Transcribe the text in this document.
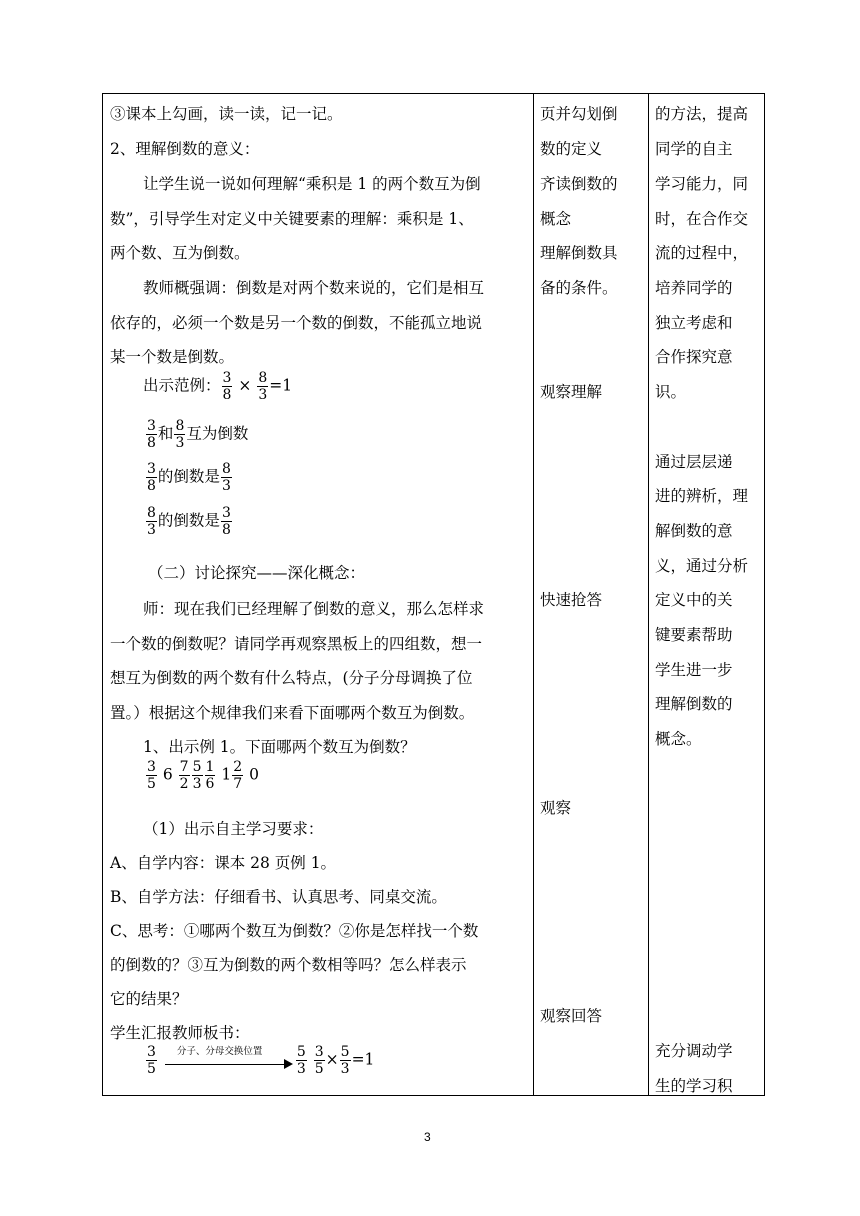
③课本上勾画，读一读，记一记。
2、理解倒数的意义：
让学生说一说如何理解“乘积是 1 的两个数互为倒
数”，引导学生对定义中关键要素的理解：乘积是 1、
两个数、互为倒数。
教师概强调：倒数是对两个数来说的，它们是相互
依存的，必须一个数是另一个数的倒数，不能孤立地说
某一个数是倒数。
出示范例： $\frac{3}{8} \times \frac{8}{3} =1$
$\frac{3}{8}$ 和 $\frac{8}{3}$ 互为倒数
$\frac{3}{8}$ 的倒数是 $\frac{8}{3}$
$\frac{8}{3}$ 的倒数是 $\frac{3}{8}$
（二）讨论探究——深化概念：
师：现在我们已经理解了倒数的意义，那么怎样求
一个数的倒数呢？请同学再观察黑板上的四组数，想一
想互为倒数的两个数有什么特点，(分子分母调换了位
置。）根据这个规律我们来看下面哪两个数互为倒数。
1、出示例 1。下面哪两个数互为倒数？
$\frac{3}{5} 6 \frac{7}{2} \frac{5}{3} \frac{1}{6} 1 \frac{2}{7} 0$
（1）出示自主学习要求：
A、自学内容：课本 28 页例 1。
B、自学方法：仔细看书、认真思考、同桌交流。
C、思考：①哪两个数互为倒数？②你是怎样找一个数
的倒数的？③互为倒数的两个数相等吗？怎么样表示
它的结果？
学生汇报教师板书：
$\frac{3}{5}$
分子、分母交换位置 $\frac{5}{3}$
$\frac{3}{5} \times \frac{5}{3} =1$
页并勾划倒
数的定义
齐读倒数的
概念
理解倒数具
备的条件。
观察理解
快速抢答
观察
观察回答
的方法，提高
同学的自主
学习能力，同
时，在合作交
流的过程中，
培养同学的
独立考虑和
合作探究意
识。
通过层层递
进的辨析，理
解倒数的意
义，通过分析
定义中的关
键要素帮助
学生进一步
理解倒数的
概念。
充分调动学
生的学习积
3
